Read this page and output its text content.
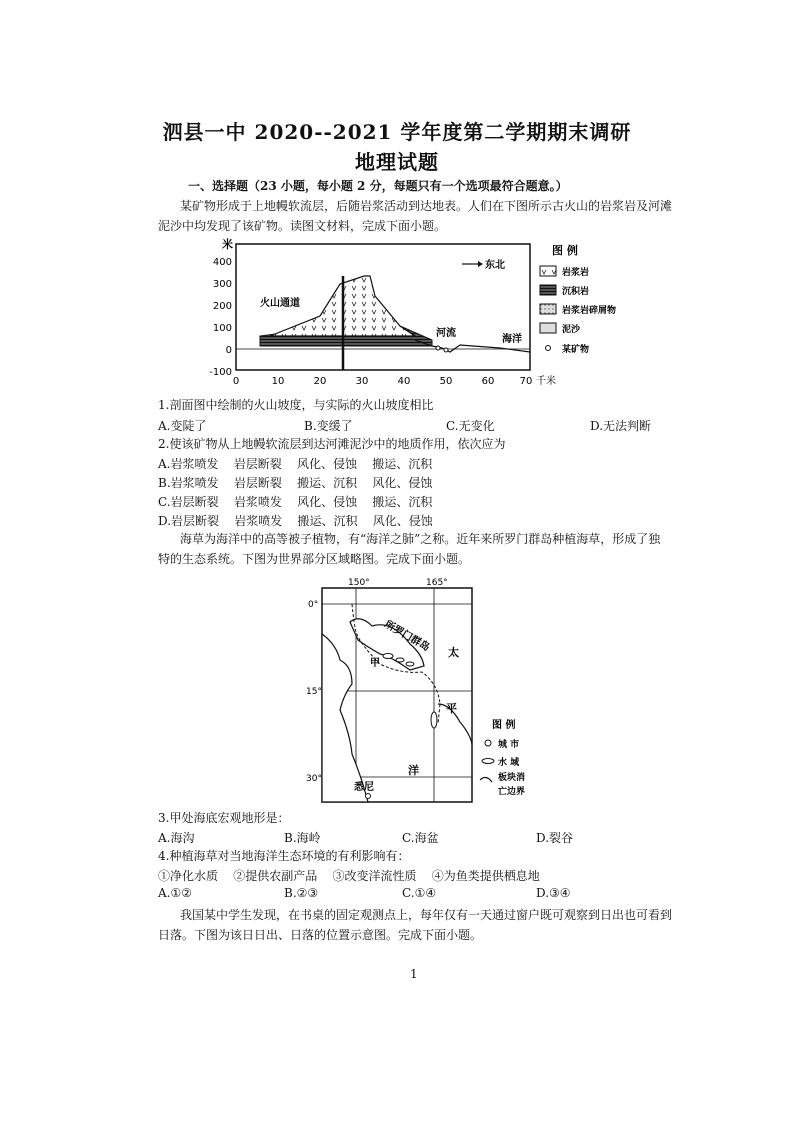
泗县一中 2020--2021 学年度第二学期期末调研
地理试题
一、选择题（23 小题，每小题 2 分，每题只有一个选项最符合题意。）
某矿物形成于上地幔软流层，后随岩浆活动到达地表。人们在下图所示古火山的岩浆岩及河滩
泥沙中均发现了该矿物。读图文材料，完成下面小题。
米
400
300
200
100
0
-100
火山通道
河流
海洋
东北
0	10	20	30	40	50	60	70 千米
图 例
岩浆岩
沉积岩
岩浆岩碎屑物
泥沙
某矿物
1.剖面图中绘制的火山坡度，与实际的火山坡度相比
A.变陡了	B.变缓了	C.无变化	D.无法判断
2.使该矿物从上地幔软流层到达河滩泥沙中的地质作用，依次应为
A.岩浆喷发    岩层断裂    风化、侵蚀    搬运、沉积
B.岩浆喷发    岩层断裂    搬运、沉积    风化、侵蚀
C.岩层断裂    岩浆喷发    风化、侵蚀    搬运、沉积
D.岩层断裂    岩浆喷发    搬运、沉积    风化、侵蚀
海草为海洋中的高等被子植物，有“海洋之肺”之称。近年来所罗门群岛种植海草，形成了独
特的生态系统。下图为世界部分区域略图。完成下面小题。
150°	165°
0°
15°
30°
所罗门群岛
甲
太
平
洋
悉尼
图 例
城 市
水 域
板块消
亡边界
3.甲处海底宏观地形是：
A.海沟	B.海岭	C.海盆	D.裂谷
4.种植海草对当地海洋生态环境的有利影响有：
①净化水质    ②提供农副产品    ③改变洋流性质    ④为鱼类提供栖息地
A.①②	B.②③	C.①④	D.③④
我国某中学生发现，在书桌的固定观测点上，每年仅有一天通过窗户既可观察到日出也可看到
日落。下图为该日日出、日落的位置示意图。完成下面小题。
1
